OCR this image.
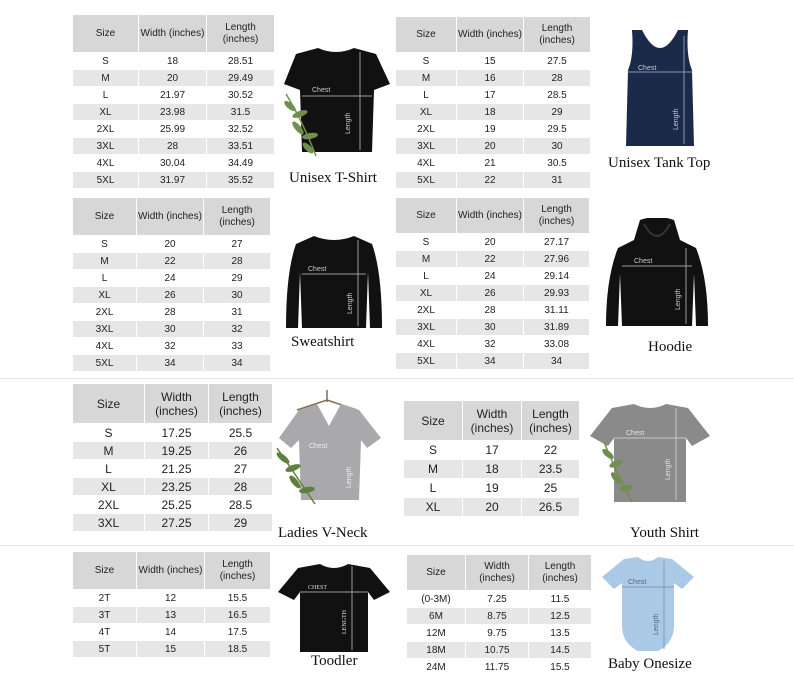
Size	Width (inches)	Length (inches)
S	18	28.51
M	20	29.49
L	21.97	30.52
XL	23.98	31.5
2XL	25.99	32.52
3XL	28	33.51
4XL	30.04	34.49
5XL	31.97	35.52
Chest
Length
Unisex T-Shirt
Size	Width (inches)	Length (inches)
S	15	27.5
M	16	28
L	17	28.5
XL	18	29
2XL	19	29.5
3XL	20	30
4XL	21	30.5
5XL	22	31
Chest
Length
Unisex Tank Top
Size	Width (inches)	Length (inches)
S	20	27
M	22	28
L	24	29
XL	26	30
2XL	28	31
3XL	30	32
4XL	32	33
5XL	34	34
Chest
Length
Sweatshirt
Size	Width (inches)	Length (inches)
S	20	27.17
M	22	27.96
L	24	29.14
XL	26	29.93
2XL	28	31.11
3XL	30	31.89
4XL	32	33.08
5XL	34	34
Chest
Length
Hoodie
Size	Width (inches)	Length (inches)
S	17.25	25.5
M	19.25	26
L	21.25	27
XL	23.25	28
2XL	25.25	28.5
3XL	27.25	29
Chest
Length
Ladies V-Neck
Size	Width (inches)	Length (inches)
S	17	22
M	18	23.5
L	19	25
XL	20	26.5
Chest
Length
Youth Shirt
Size	Width (inches)	Length (inches)
2T	12	15.5
3T	13	16.5
4T	14	17.5
5T	15	18.5
CHEST
LENGTH
Toodler
Size	Width (inches)	Length (inches)
(0-3M)	7.25	11.5
6M	8.75	12.5
12M	9.75	13.5
18M	10.75	14.5
24M	11.75	15.5
Chest
Length
Baby Onesize
